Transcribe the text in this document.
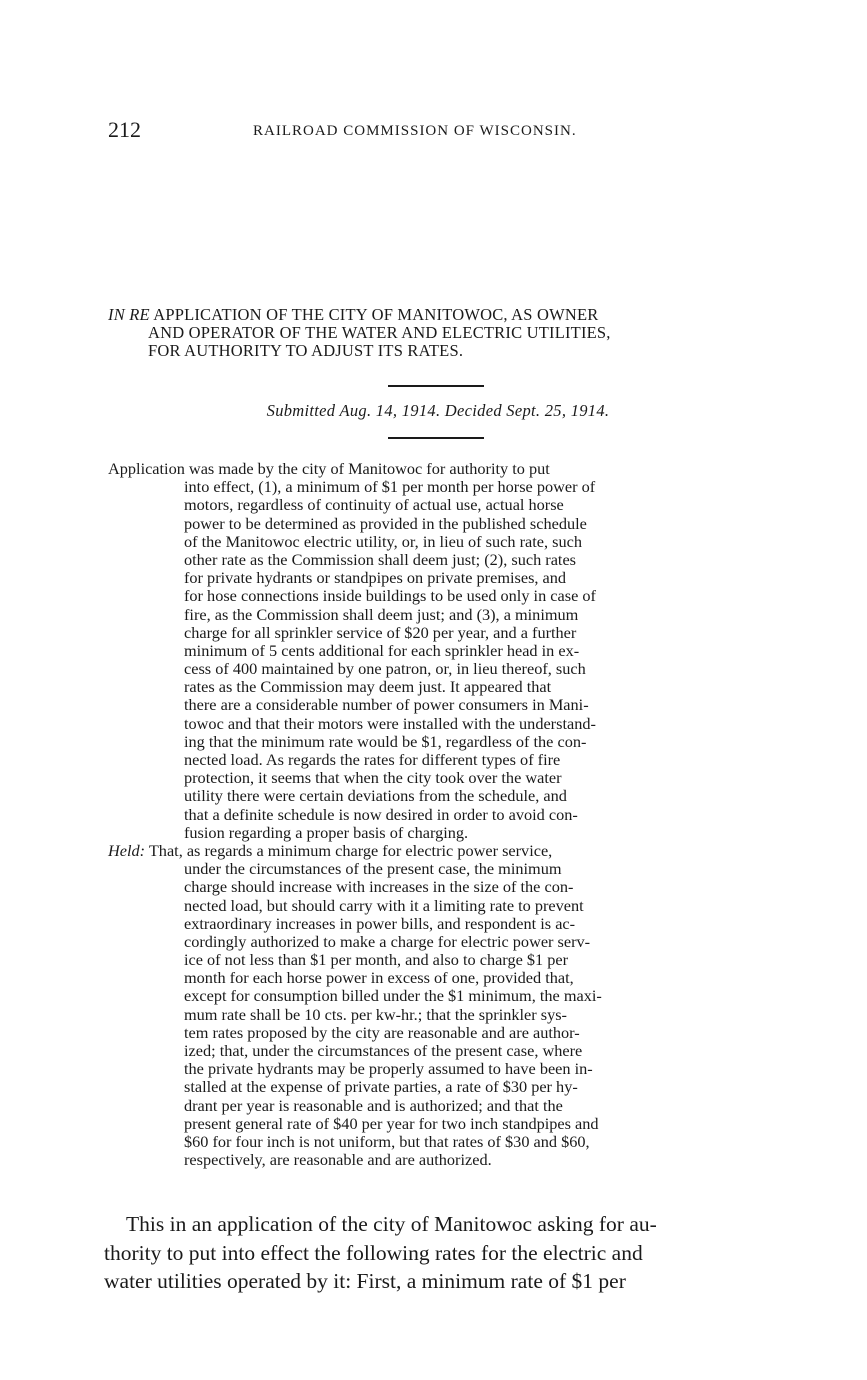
212	RAILROAD COMMISSION OF WISCONSIN.
IN RE APPLICATION OF THE CITY OF MANITOWOC, AS OWNER
AND OPERATOR OF THE WATER AND ELECTRIC UTILITIES,
FOR AUTHORITY TO ADJUST ITS RATES.
Submitted Aug. 14, 1914. Decided Sept. 25, 1914.
Application was made by the city of Manitowoc for authority to put
into effect, (1), a minimum of $1 per month per horse power of
motors, regardless of continuity of actual use, actual horse
power to be determined as provided in the published schedule
of the Manitowoc electric utility, or, in lieu of such rate, such
other rate as the Commission shall deem just; (2), such rates
for private hydrants or standpipes on private premises, and
for hose connections inside buildings to be used only in case of
fire, as the Commission shall deem just; and (3), a minimum
charge for all sprinkler service of $20 per year, and a further
minimum of 5 cents additional for each sprinkler head in ex-
cess of 400 maintained by one patron, or, in lieu thereof, such
rates as the Commission may deem just. It appeared that
there are a considerable number of power consumers in Mani-
towoc and that their motors were installed with the understand-
ing that the minimum rate would be $1, regardless of the con-
nected load. As regards the rates for different types of fire
protection, it seems that when the city took over the water
utility there were certain deviations from the schedule, and
that a definite schedule is now desired in order to avoid con-
fusion regarding a proper basis of charging.
Held: That, as regards a minimum charge for electric power service,
under the circumstances of the present case, the minimum
charge should increase with increases in the size of the con-
nected load, but should carry with it a limiting rate to prevent
extraordinary increases in power bills, and respondent is ac-
cordingly authorized to make a charge for electric power serv-
ice of not less than $1 per month, and also to charge $1 per
month for each horse power in excess of one, provided that,
except for consumption billed under the $1 minimum, the maxi-
mum rate shall be 10 cts. per kw-hr.; that the sprinkler sys-
tem rates proposed by the city are reasonable and are author-
ized; that, under the circumstances of the present case, where
the private hydrants may be properly assumed to have been in-
stalled at the expense of private parties, a rate of $30 per hy-
drant per year is reasonable and is authorized; and that the
present general rate of $40 per year for two inch standpipes and
$60 for four inch is not uniform, but that rates of $30 and $60,
respectively, are reasonable and are authorized.
This in an application of the city of Manitowoc asking for au-
thority to put into effect the following rates for the electric and
water utilities operated by it: First, a minimum rate of $1 per
